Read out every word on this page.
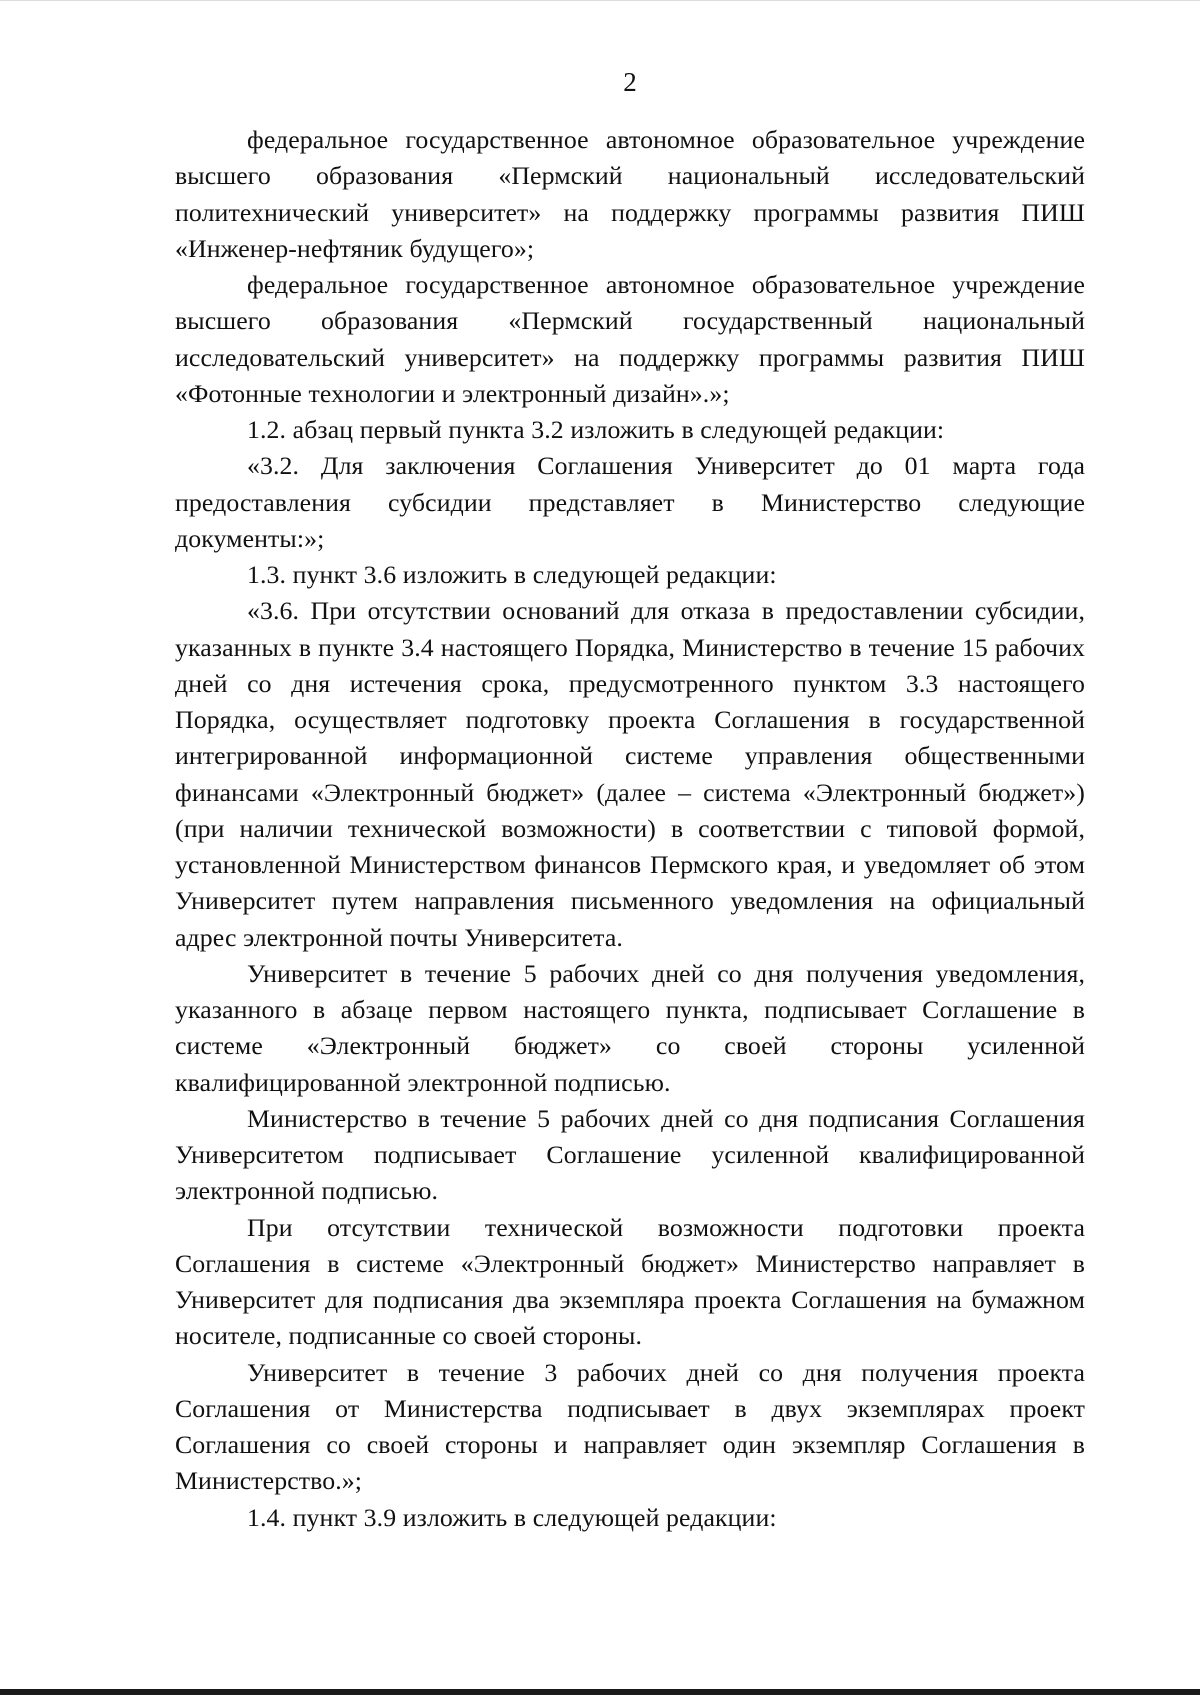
2

федеральное государственное автономное образовательное учреждение высшего образования «Пермский национальный исследовательский политехнический университет» на поддержку программы развития ПИШ «Инженер-нефтяник будущего»;

федеральное государственное автономное образовательное учреждение высшего образования «Пермский государственный национальный исследовательский университет» на поддержку программы развития ПИШ «Фотонные технологии и электронный дизайн».»;

1.2. абзац первый пункта 3.2 изложить в следующей редакции:

«3.2. Для заключения Соглашения Университет до 01 марта года предоставления субсидии представляет в Министерство следующие документы:»;

1.3. пункт 3.6 изложить в следующей редакции:

«3.6. При отсутствии оснований для отказа в предоставлении субсидии, указанных в пункте 3.4 настоящего Порядка, Министерство в течение 15 рабочих дней со дня истечения срока, предусмотренного пунктом 3.3 настоящего Порядка, осуществляет подготовку проекта Соглашения в государственной интегрированной информационной системе управления общественными финансами «Электронный бюджет» (далее – система «Электронный бюджет») (при наличии технической возможности) в соответствии с типовой формой, установленной Министерством финансов Пермского края, и уведомляет об этом Университет путем направления письменного уведомления на официальный адрес электронной почты Университета.

Университет в течение 5 рабочих дней со дня получения уведомления, указанного в абзаце первом настоящего пункта, подписывает Соглашение в системе «Электронный бюджет» со своей стороны усиленной квалифицированной электронной подписью.

Министерство в течение 5 рабочих дней со дня подписания Соглашения Университетом подписывает Соглашение усиленной квалифицированной электронной подписью.

При отсутствии технической возможности подготовки проекта Соглашения в системе «Электронный бюджет» Министерство направляет в Университет для подписания два экземпляра проекта Соглашения на бумажном носителе, подписанные со своей стороны.

Университет в течение 3 рабочих дней со дня получения проекта Соглашения от Министерства подписывает в двух экземплярах проект Соглашения со своей стороны и направляет один экземпляр Соглашения в Министерство.»;

1.4. пункт 3.9 изложить в следующей редакции:
